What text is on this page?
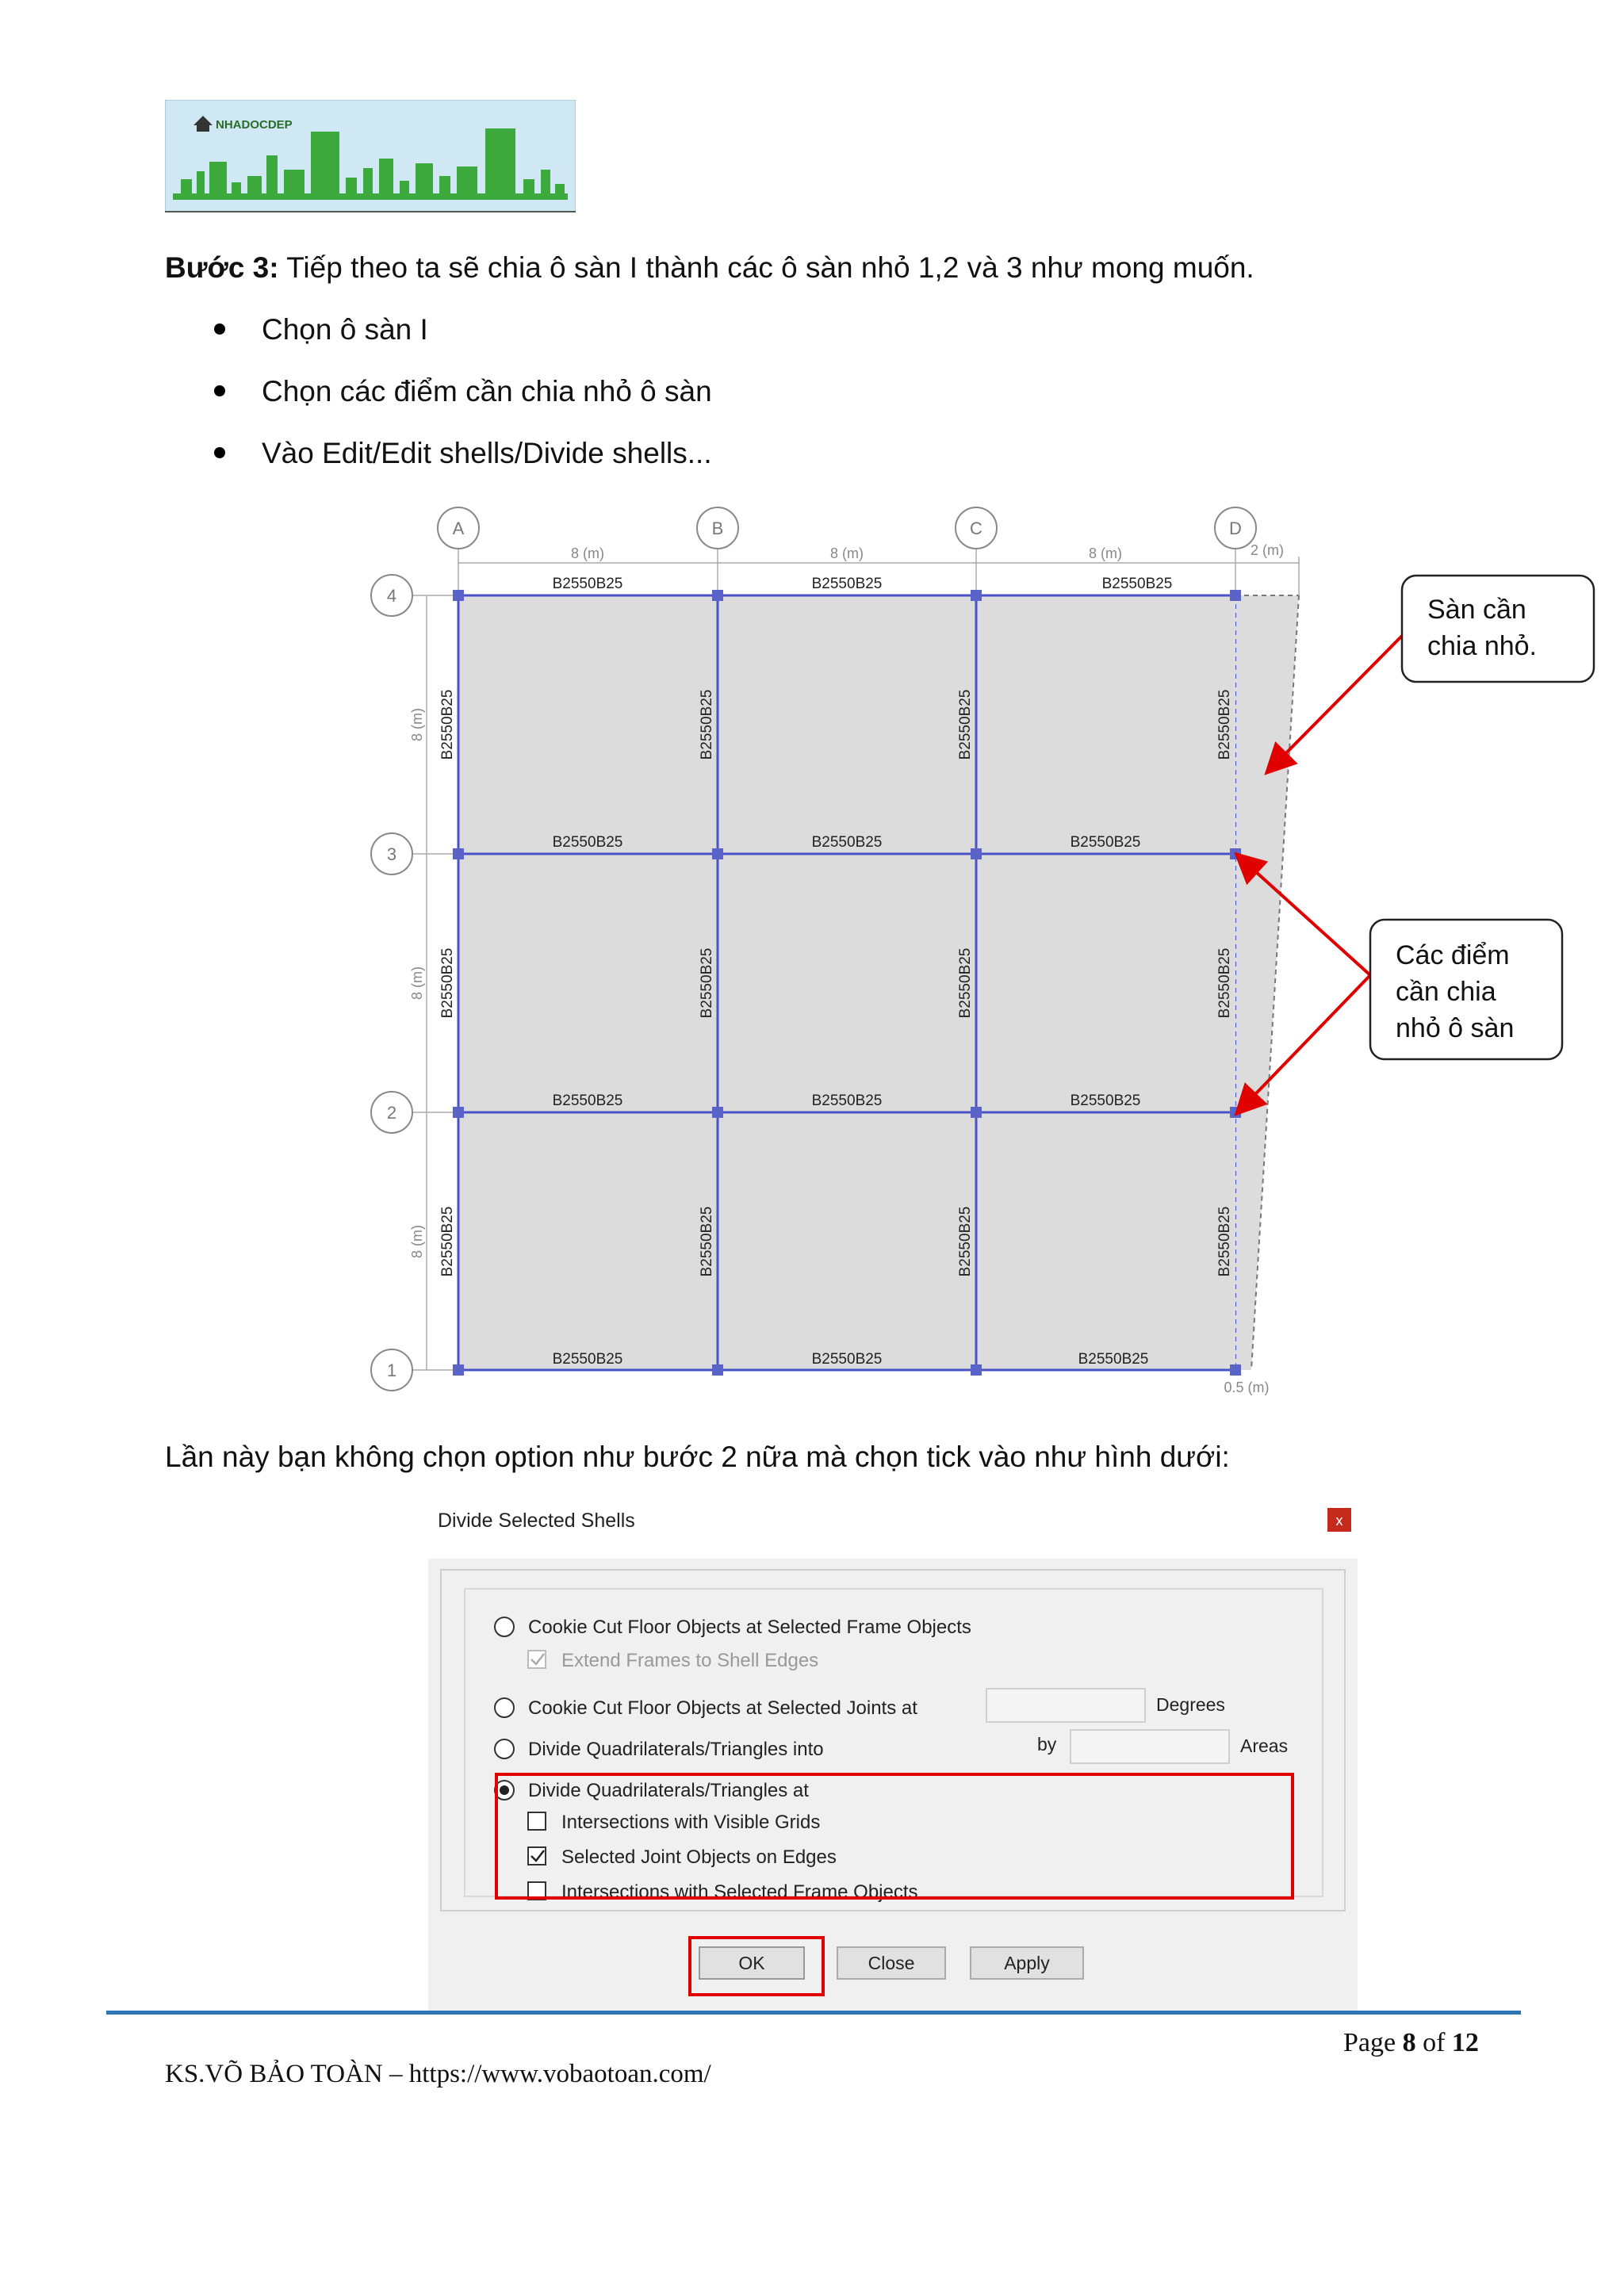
NHADOCDEP
Bước 3: Tiếp theo ta sẽ chia ô sàn I thành các ô sàn nhỏ 1,2 và 3 như mong muốn.
Chọn ô sàn I
Chọn các điểm cần chia nhỏ ô sàn
Vào Edit/Edit shells/Divide shells...
A	B	C	D
4
3
2
1
8 (m)	8 (m)	8 (m)	2 (m)
0.5 (m)
8 (m)
8 (m)
8 (m)
B2550B25	B2550B25	B2550B25
B2550B25	B2550B25	B2550B25
B2550B25	B2550B25	B2550B25
B2550B25	B2550B25	B2550B25
B2550B25	B2550B25	B2550B25	B2550B25
B2550B25	B2550B25	B2550B25	B2550B25
B2550B25	B2550B25	B2550B25	B2550B25
Sàn cần
chia nhỏ.
Các điểm
cần chia
nhỏ ô sàn
Lần này bạn không chọn option như bước 2 nữa mà chọn tick vào như hình dưới:
Divide Selected Shells	x
Cookie Cut Floor Objects at Selected Frame Objects
Extend Frames to Shell Edges
Cookie Cut Floor Objects at Selected Joints at	Degrees
Divide Quadrilaterals/Triangles into	by	Areas
Divide Quadrilaterals/Triangles at
Intersections with Visible Grids
Selected Joint Objects on Edges
Intersections with Selected Frame Objects
OK	Close	Apply
Page 8 of 12
KS.VÕ BẢO TOÀN – https://www.vobaotoan.com/
